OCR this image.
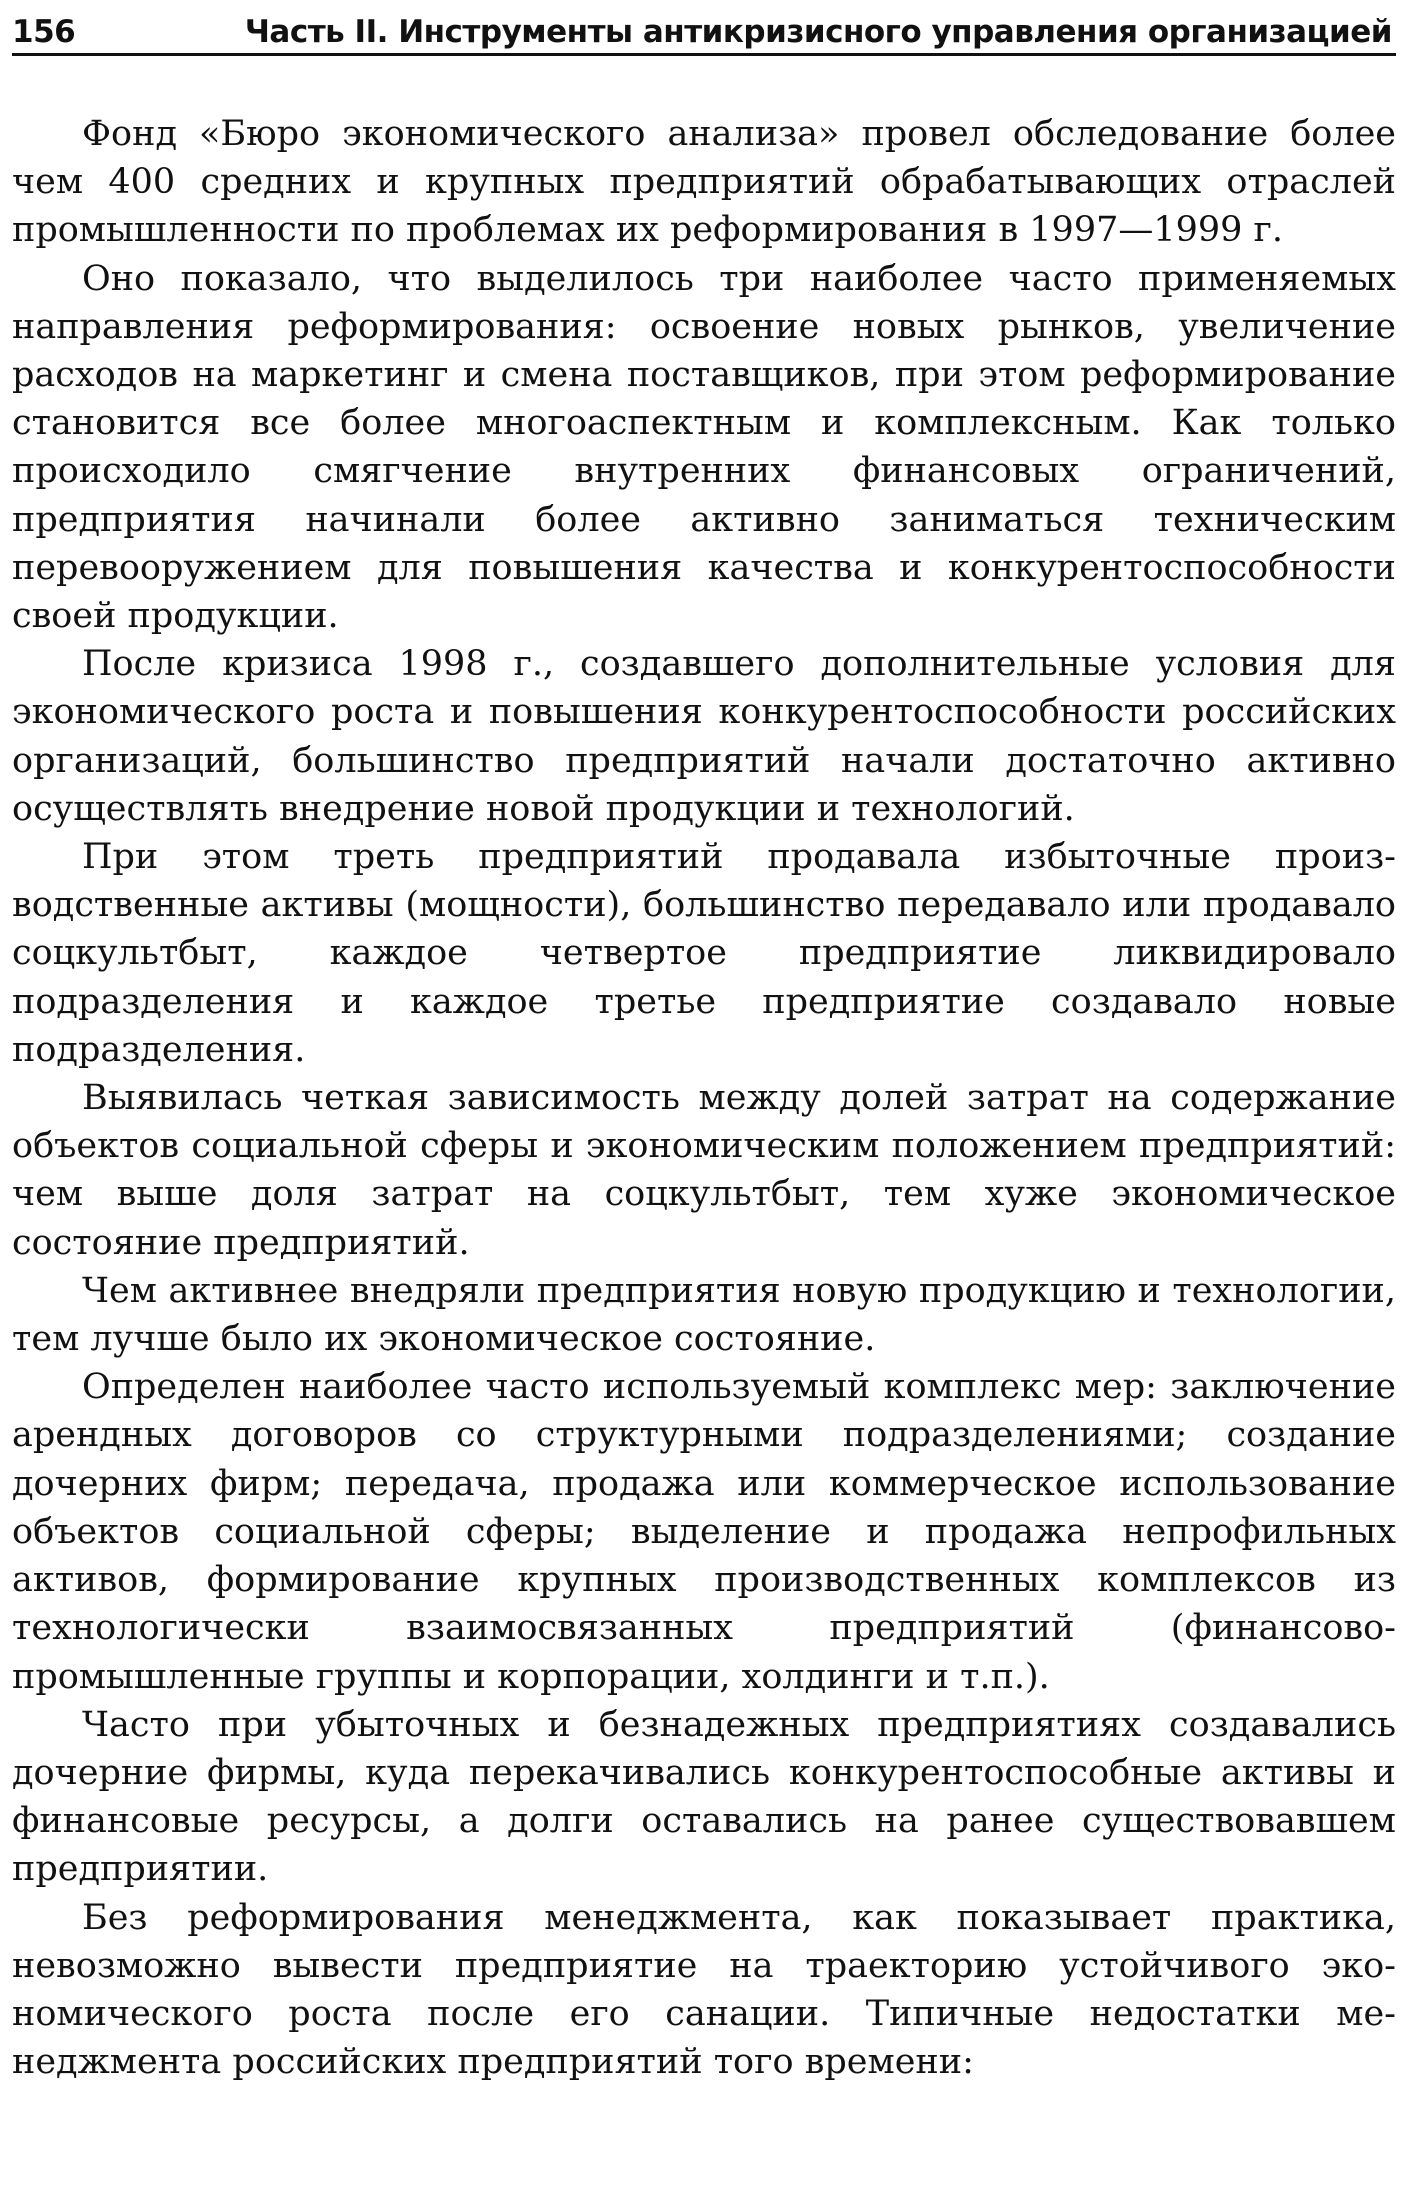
156	Часть II. Инструменты антикризисного управления организацией

Фонд «Бюро экономического анализа» провел обследование более чем 400 средних и крупных предприятий обрабатывающих отраслей промышленности по проблемах их реформирования в 1997—1999 г.

Оно показало, что выделилось три наиболее часто применяемых направления реформирования: освоение новых рынков, увеличение расходов на маркетинг и смена поставщиков, при этом реформирование становится все более многоаспектным и комплексным. Как только происходило смягчение внутренних финансовых ограничений, предприятия начинали более активно заниматься техническим перевооружением для повышения качества и конкурентоспособности своей продукции.

После кризиса 1998 г., создавшего дополнительные условия для экономического роста и повышения конкурентоспособности российских организаций, большинство предприятий начали достаточно активно осуществлять внедрение новой продукции и технологий.

При этом треть предприятий продавала избыточные производственные активы (мощности), большинство передавало или продавало соцкультбыт, каждое четвертое предприятие ликвидировало подразделения и каждое третье предприятие создавало новые подразделения.

Выявилась четкая зависимость между долей затрат на содержание объектов социальной сферы и экономическим положением предприятий: чем выше доля затрат на соцкультбыт, тем хуже экономическое состояние предприятий.

Чем активнее внедряли предприятия новую продукцию и технологии, тем лучше было их экономическое состояние.

Определен наиболее часто используемый комплекс мер: заключение арендных договоров со структурными подразделениями; создание дочерних фирм; передача, продажа или коммерческое использование объектов социальной сферы; выделение и продажа непрофильных активов, формирование крупных производственных комплексов из технологически взаимосвязанных предприятий (финансово-промышленные группы и корпорации, холдинги и т.п.).

Часто при убыточных и безнадежных предприятиях создавались дочерние фирмы, куда перекачивались конкурентоспособные активы и финансовые ресурсы, а долги оставались на ранее существовавшем предприятии.

Без реформирования менеджмента, как показывает практика, невозможно вывести предприятие на траекторию устойчивого экономического роста после его санации. Типичные недостатки менеджмента российских предприятий того времени:
